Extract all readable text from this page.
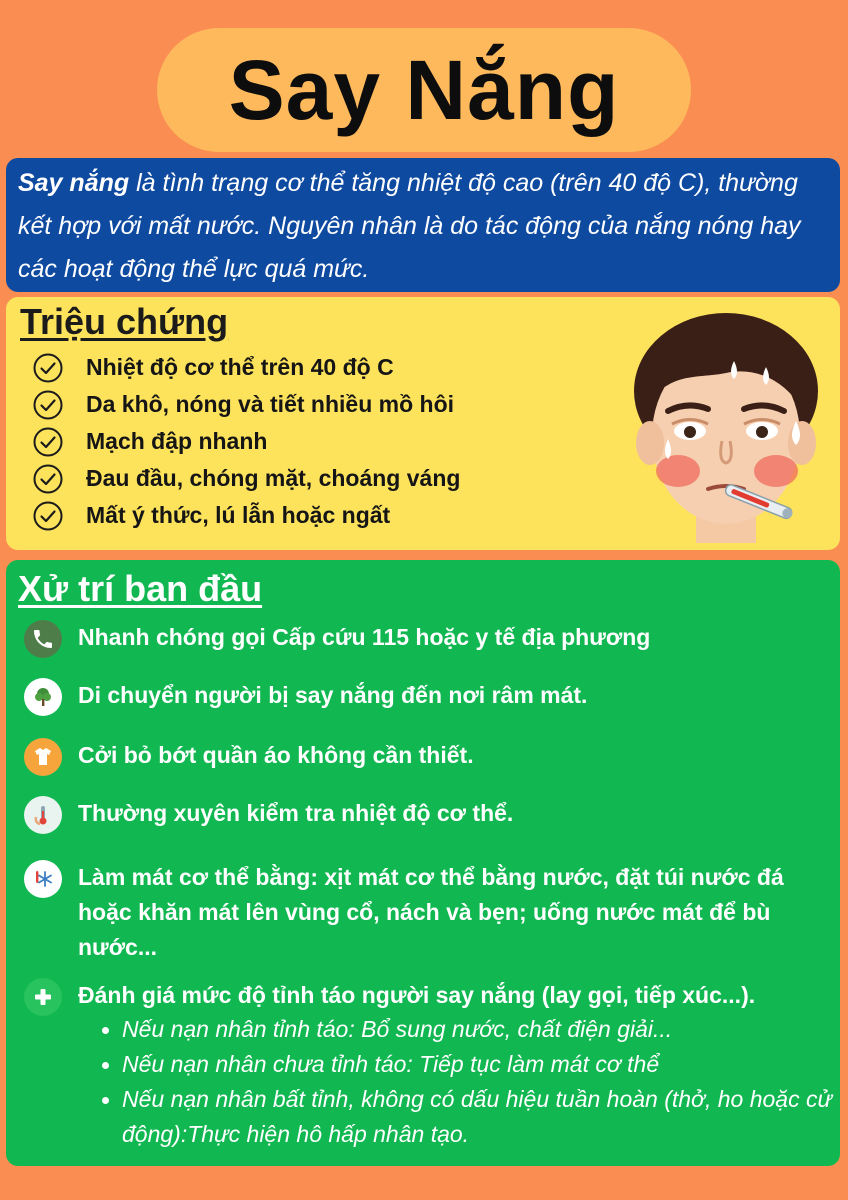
Say Nắng
Say nắng là tình trạng cơ thể tăng nhiệt độ cao (trên 40 độ C), thường kết hợp với mất nước. Nguyên nhân là do tác động của nắng nóng hay các hoạt động thể lực quá mức.
Triệu chứng
Nhiệt độ cơ thể trên 40 độ C
Da khô, nóng và tiết nhiều mồ hôi
Mạch đập nhanh
Đau đầu, chóng mặt, choáng váng
Mất ý thức, lú lẫn hoặc ngất
Xử trí ban đầu
Nhanh chóng gọi Cấp cứu 115 hoặc y tế địa phương
Di chuyển người bị say nắng đến nơi râm mát.
Cởi bỏ bớt quần áo không cần thiết.
Thường xuyên kiểm tra nhiệt độ cơ thể.
Làm mát cơ thể bằng: xịt mát cơ thể bằng nước, đặt túi nước đá hoặc khăn mát lên vùng cổ, nách và bẹn; uống nước mát để bù nước...
Đánh giá mức độ tỉnh táo người say nắng (lay gọi, tiếp xúc...).
Nếu nạn nhân tỉnh táo: Bổ sung nước, chất điện giải...
Nếu nạn nhân chưa tỉnh táo: Tiếp tục làm mát cơ thể
Nếu nạn nhân bất tỉnh, không có dấu hiệu tuần hoàn (thở, ho hoặc cử động):Thực hiện hô hấp nhân tạo.
